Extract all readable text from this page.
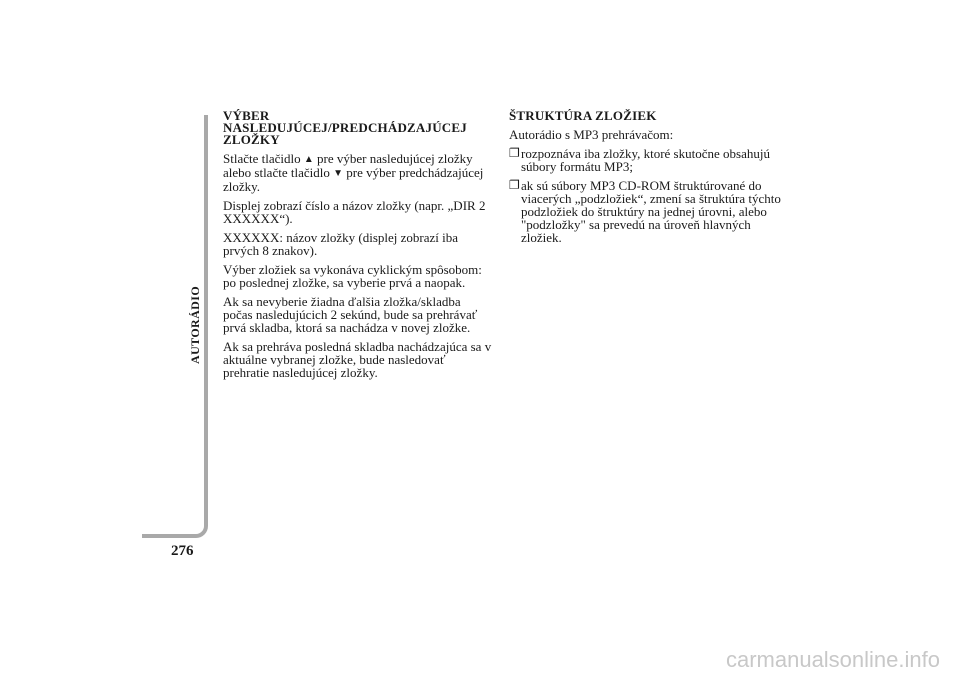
AUTORÁDIO
276
VÝBER
NASLEDUJÚCEJ/PREDCHÁDZAJÚCEJ
ZLOŽKY

Stlačte tlačidlo ▲ pre výber nasledujúcej zložky alebo stlačte tlačidlo ▼ pre výber predchádzajúcej zložky.

Displej zobrazí číslo a názov zložky (napr. „DIR 2 XXXXXX“).

XXXXXX: názov zložky (displej zobrazí iba prvých 8 znakov).

Výber zložiek sa vykonáva cyklickým spôsobom: po poslednej zložke, sa vyberie prvá a naopak.

Ak sa nevyberie žiadna ďalšia zložka/skladba počas nasledujúcich 2 sekúnd, bude sa prehrávať prvá skladba, ktorá sa nachádza v novej zložke.

Ak sa prehráva posledná skladba nachádzajúca sa v aktuálne vybranej zložke, bude nasledovať prehratie nasledujúcej zložky.

ŠTRUKTÚRA ZLOŽIEK

Autorádio s MP3 prehrávačom:

❐ rozpoznáva iba zložky, ktoré skutočne obsahujú súbory formátu MP3;
❐ ak sú súbory MP3 CD-ROM štruktúrované do viacerých „podzložiek“, zmení sa štruktúra týchto podzložiek do štruktúry na jednej úrovni, alebo "podzložky" sa prevedú na úroveň hlavných zložiek.
carmanualsonline.info
